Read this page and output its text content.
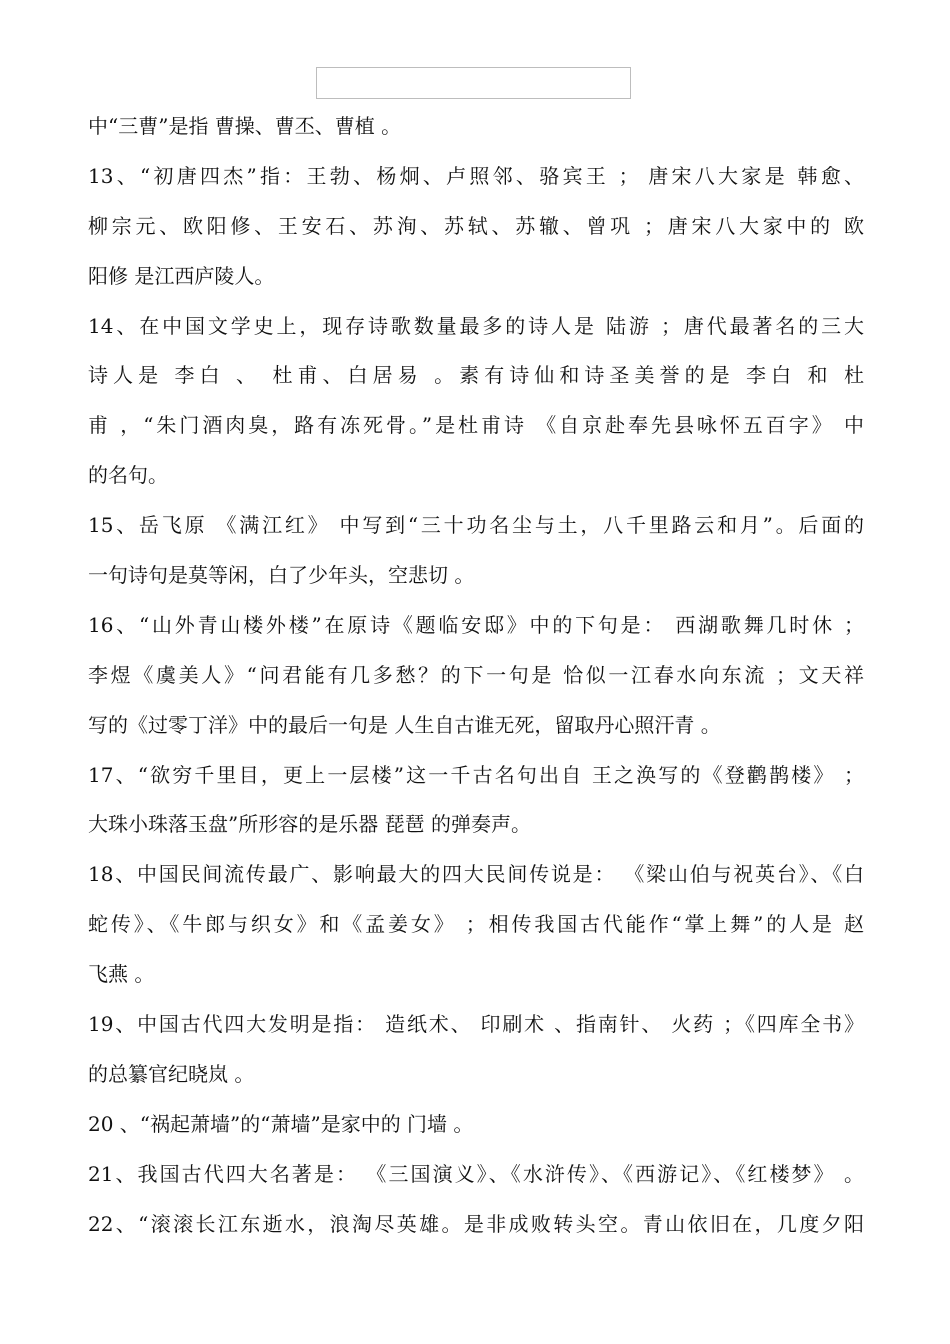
中“三曹”是指 曹操、曹丕、曹植 。
13、“初唐四杰”指：王勃、杨炯、卢照邻、骆宾王 ； 唐宋八大家是 韩愈、
柳宗元、欧阳修、王安石、苏洵、苏轼、苏辙、曾巩 ；唐宋八大家中的 欧
阳修 是江西庐陵人。
14、在中国文学史上，现存诗歌数量最多的诗人是 陆游 ；唐代最著名的三大
诗人是 李白 、 杜甫、白居易 。素有诗仙和诗圣美誉的是 李白 和 杜
甫 ，“朱门酒肉臭，路有冻死骨。”是杜甫诗 《自京赴奉先县咏怀五百字》 中
的名句。
15、岳飞原 《满江红》 中写到“三十功名尘与土，八千里路云和月”。后面的
一句诗句是莫等闲，白了少年头，空悲切 。
16、“山外青山楼外楼”在原诗《题临安邸》中的下句是： 西湖歌舞几时休 ；
李煜《虞美人》“问君能有几多愁？的下一句是 恰似一江春水向东流 ；文天祥
写的《过零丁洋》中的最后一句是 人生自古谁无死，留取丹心照汗青 。
17、“欲穷千里目，更上一层楼”这一千古名句出自 王之涣写的《登鹳鹊楼》 ；
大珠小珠落玉盘”所形容的是乐器 琵琶 的弹奏声。
18、中国民间流传最广、影响最大的四大民间传说是： 《梁山伯与祝英台》、《白
蛇传》、《牛郎与织女》和《孟姜女》 ；相传我国古代能作“掌上舞”的人是 赵
飞燕 。
19、中国古代四大发明是指： 造纸术、 印刷术 、指南针、 火药 ；《四库全书》
的总纂官纪晓岚 。
20 、“祸起萧墙”的“萧墙”是家中的 门墙 。
21、我国古代四大名著是： 《三国演义》、《水浒传》、《西游记》、《红楼梦》 。
22、“滚滚长江东逝水，浪淘尽英雄。是非成败转头空。青山依旧在，几度夕阳
